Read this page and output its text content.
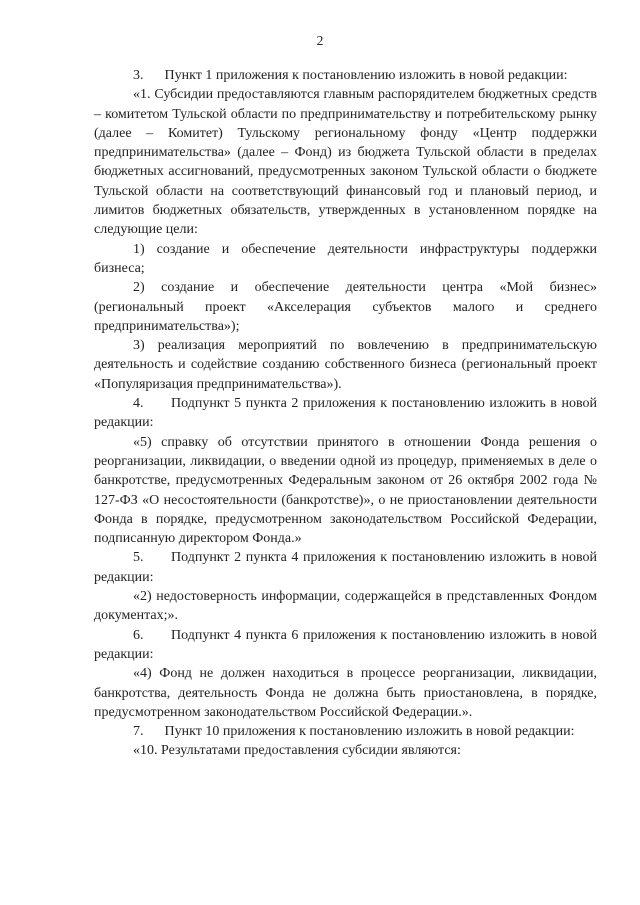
2

3.      Пункт 1 приложения к постановлению изложить в новой редакции:

«1. Субсидии предоставляются главным распорядителем бюджетных средств – комитетом Тульской области по предпринимательству и потребительскому рынку (далее – Комитет) Тульскому региональному фонду «Центр поддержки предпринимательства» (далее – Фонд) из бюджета Тульской области в пределах бюджетных ассигнований, предусмотренных законом Тульской области о бюджете Тульской области на соответствующий финансовый год и плановый период, и лимитов бюджетных обязательств, утвержденных в установленном порядке на следующие цели:

1) создание и обеспечение деятельности инфраструктуры поддержки бизнеса;

2) создание и обеспечение деятельности центра «Мой бизнес» (региональный проект «Акселерация субъектов малого и среднего предпринимательства»);

3) реализация мероприятий по вовлечению в предпринимательскую деятельность и содействие созданию собственного бизнеса (региональный проект «Популяризация предпринимательства»).

4.      Подпункт 5 пункта 2 приложения к постановлению изложить в новой редакции:

«5) справку об отсутствии принятого в отношении Фонда решения о реорганизации, ликвидации, о введении одной из процедур, применяемых в деле о банкротстве, предусмотренных Федеральным законом от 26 октября 2002 года № 127-ФЗ «О несостоятельности (банкротстве)», о не приостановлении деятельности Фонда в порядке, предусмотренном законодательством Российской Федерации, подписанную директором Фонда.»

5.      Подпункт 2 пункта 4 приложения к постановлению изложить в новой редакции:

«2) недостоверность информации, содержащейся в представленных Фондом документах;».

6.      Подпункт 4 пункта 6 приложения к постановлению изложить в новой редакции:

«4) Фонд не должен находиться в процессе реорганизации, ликвидации, банкротства, деятельность Фонда не должна быть приостановлена, в порядке, предусмотренном законодательством Российской Федерации.».

7.      Пункт 10 приложения к постановлению изложить в новой редакции:

«10. Результатами предоставления субсидии являются:
